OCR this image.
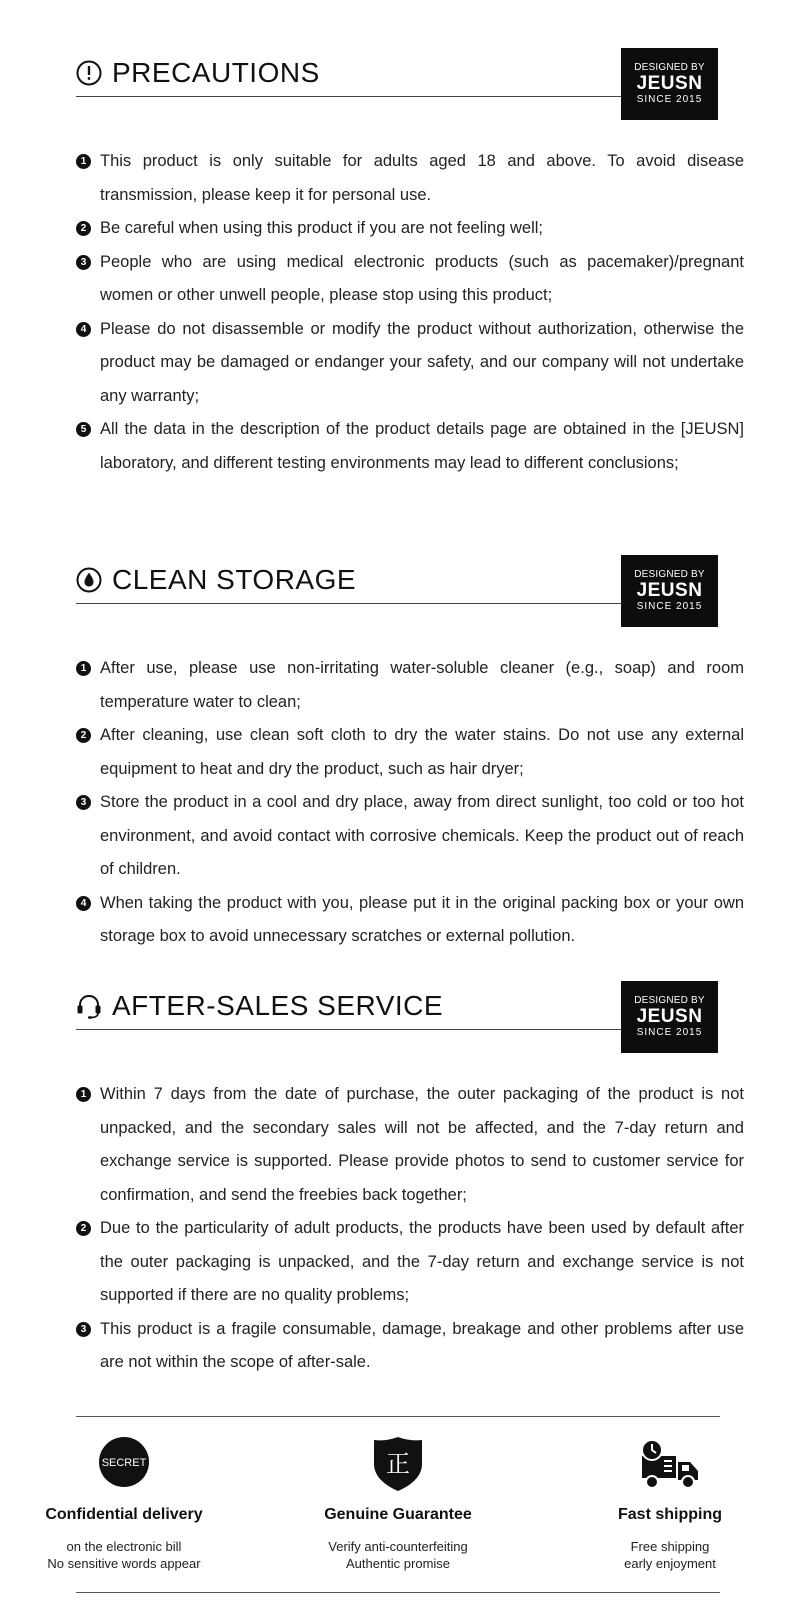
PRECAUTIONS	DESIGNED BY
JEUSN
SINCE 2015
1 This product is only suitable for adults aged 18 and above. To avoid disease transmission, please keep it for personal use.
2 Be careful when using this product if you are not feeling well;
3 People who are using medical electronic products (such as pacemaker)/pregnant women or other unwell people, please stop using this product;
4 Please do not disassemble or modify the product without authorization, otherwise the product may be damaged or endanger your safety, and our company will not undertake any warranty;
5 All the data in the description of the product details page are obtained in the [JEUSN] laboratory, and different testing environments may lead to different conclusions;
CLEAN STORAGE	DESIGNED BY
JEUSN
SINCE 2015
1 After use, please use non-irritating water-soluble cleaner (e.g., soap) and room temperature water to clean;
2 After cleaning, use clean soft cloth to dry the water stains. Do not use any external equipment to heat and dry the product, such as hair dryer;
3 Store the product in a cool and dry place, away from direct sunlight, too cold or too hot environment, and avoid contact with corrosive chemicals. Keep the product out of reach of children.
4 When taking the product with you, please put it in the original packing box or your own storage box to avoid unnecessary scratches or external pollution.
AFTER-SALES SERVICE	DESIGNED BY
JEUSN
SINCE 2015
1 Within 7 days from the date of purchase, the outer packaging of the product is not unpacked, and the secondary sales will not be affected, and the 7-day return and exchange service is supported. Please provide photos to send to customer service for confirmation, and send the freebies back together;
2 Due to the particularity of adult products, the products have been used by default after the outer packaging is unpacked, and the 7-day return and exchange service is not supported if there are no quality problems;
3 This product is a fragile consumable, damage, breakage and other problems after use are not within the scope of after-sale.
SECRET
Confidential delivery
on the electronic bill
No sensitive words appear
正
Genuine Guarantee
Verify anti-counterfeiting
Authentic promise
Fast shipping
Free shipping
early enjoyment
